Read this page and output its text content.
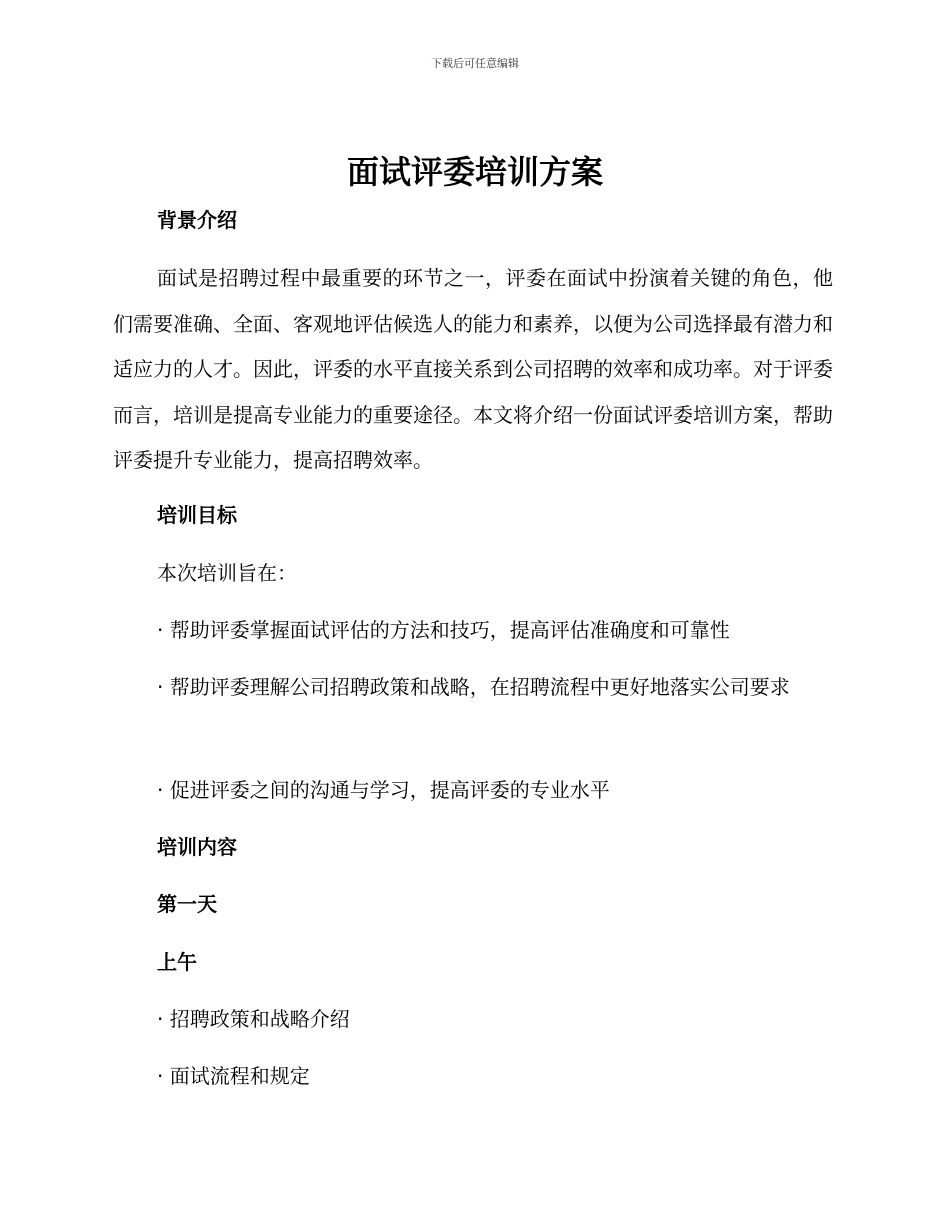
下载后可任意编辑
面试评委培训方案
背景介绍
面试是招聘过程中最重要的环节之一，评委在面试中扮演着关键的角色，他们需要准确、全面、客观地评估候选人的能力和素养，以便为公司选择最有潜力和适应力的人才。因此，评委的水平直接关系到公司招聘的效率和成功率。对于评委而言，培训是提高专业能力的重要途径。本文将介绍一份面试评委培训方案，帮助评委提升专业能力，提高招聘效率。
培训目标
本次培训旨在：
· 帮助评委掌握面试评估的方法和技巧，提高评估准确度和可靠性
· 帮助评委理解公司招聘政策和战略，在招聘流程中更好地落实公司要求
· 促进评委之间的沟通与学习，提高评委的专业水平
培训内容
第一天
上午
· 招聘政策和战略介绍
· 面试流程和规定
